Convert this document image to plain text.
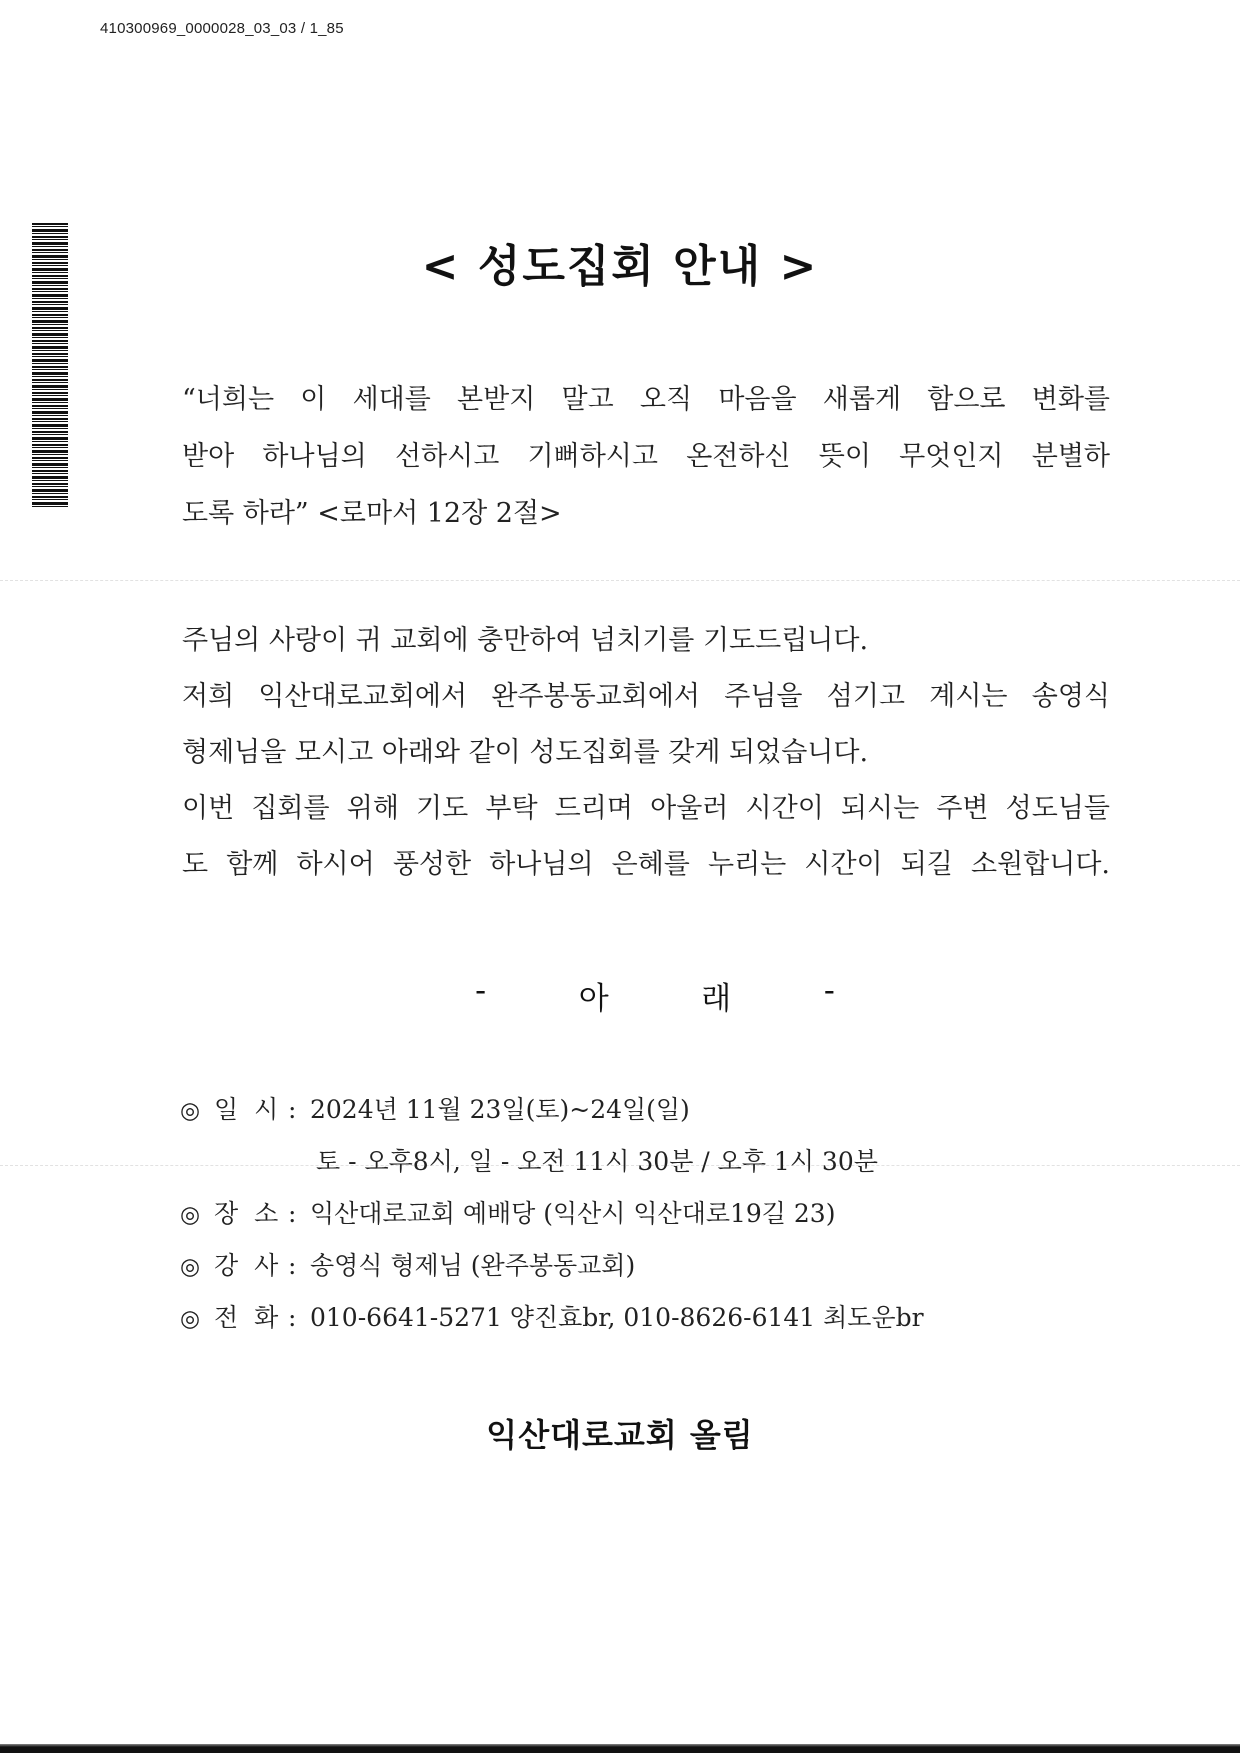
410300969_0000028_03_03 / 1_85
< 성도집회 안내 >
“너희는 이 세대를 본받지 말고 오직 마음을 새롭게 함으로 변화를
받아 하나님의 선하시고 기뻐하시고 온전하신 뜻이 무엇인지 분별하
도록 하라” <로마서 12장 2절>
주님의 사랑이 귀 교회에 충만하여 넘치기를 기도드립니다.
저희 익산대로교회에서 완주봉동교회에서 주님을 섬기고 계시는 송영식
형제님을 모시고 아래와 같이 성도집회를 갖게 되었습니다.
이번 집회를 위해 기도 부탁 드리며 아울러 시간이 되시는 주변 성도님들
도 함께 하시어 풍성한 하나님의 은혜를 누리는 시간이 되길 소원합니다.
-	아	래	-
◎ 일 시 : 2024년 11월 23일(토)~24일(일)
토 - 오후8시, 일 - 오전 11시 30분 / 오후 1시 30분
◎ 장 소 : 익산대로교회 예배당 (익산시 익산대로19길 23)
◎ 강 사 : 송영식 형제님 (완주봉동교회)
◎ 전 화 : 010-6641-5271 양진효br, 010-8626-6141 최도운br
익산대로교회 올림
